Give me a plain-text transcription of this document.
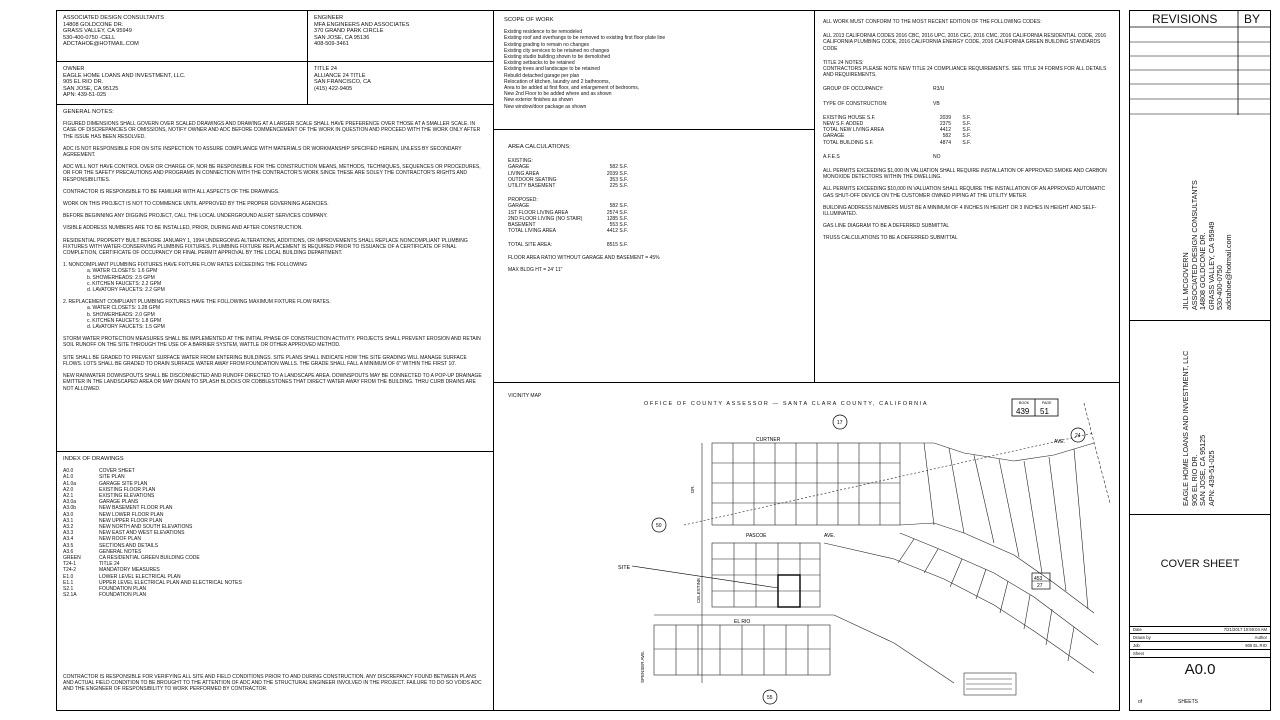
ASSOCIATED DESIGN CONSULTANTS
14808 GOLDCONE DR.
GRASS VALLEY, CA 95949
530-400-0750 -CELL
ADCTAHOE@HOTMAIL.COM
ENGINEER
MFA ENGINEERS AND ASSOCIATES
370 GRAND PARK CIRCLE
SAN JOSE, CA 95136
408-509-3461
OWNER
EAGLE HOME LOANS AND INVESTMENT, LLC.
905 EL RIO DR.
SAN JOSE, CA 95125
APN: 439-51-025
TITLE 24
ALLIANCE 24 TITLE
SAN FRANCISCO, CA
(415) 422-9405
GENERAL NOTES:
FIGURED DIMENSIONS SHALL GOVERN OVER SCALED DRAWINGS AND DRAWING AT A LARGER SCALE SHALL HAVE PREFERENCE OVER THOSE AT A SMALLER SCALE. IN CASE OF DISCREPANCIES OR OMISSIONS, NOTIFY OWNER AND ADC BEFORE COMMENCEMENT OF THE WORK IN QUESTION AND PROCEED WITH THE WORK ONLY AFTER THE ISSUE HAS BEEN RESOLVED.
ADC IS NOT RESPONSIBLE FOR ON SITE INSPECTION TO ASSURE COMPLIANCE WITH MATERIALS OR WORKMANSHIP SPECIFIED HEREIN, UNLESS BY SECONDARY AGREEMENT.
ADC WILL NOT HAVE CONTROL OVER OR CHARGE OF, NOR BE RESPONSIBLE FOR THE CONSTRUCTION MEANS, METHODS, TECHNIQUES, SEQUENCES OR PROCEDURES, OR FOR THE SAFETY PRECAUTIONS AND PROGRAMS IN CONNECTION WITH THE CONTRACTOR'S WORK SINCE THESE ARE SOLEY THE CONTRACTOR'S RIGHTS AND RESPONSIBILITIES.
CONTRACTOR IS RESPONSIBLE TO BE FAMILIAR WITH ALL ASPECTS OF THE DRAWINGS.
WORK ON THIS PROJECT IS NOT TO COMMENCE UNTIL APPROVED BY THE PROPER GOVERNING AGENCIES.
BEFORE BEGINNING ANY DIGGING PROJECT, CALL THE LOCAL UNDERGROUND ALERT SERVICES COMPANY.
VISIBLE ADDRESS NUMBERS ARE TO BE INSTALLED, PRIOR, DURING AND AFTER CONSTRUCTION.
RESIDENTIAL PROPERTY BUILT BEFORE JANUARY 1, 1994 UNDERGOING ALTERATIONS, ADDITIONS, OR IMPROVEMENTS SHALL REPLACE NONCOMPLIANT PLUMBING FIXTURES WITH WATER-CONSERVING PLUMBING FIXTURES. PLUMBING FIXTURE REPLACEMENT IS REQUIRED PRIOR TO ISSUANCE OF A CERTIFICATE OF FINAL COMPLETION, CERTIFICATE OF OCCUPANCY OR FINAL PERMIT APPROVAL BY THE LOCAL BUILDING DEPARTMENT.
1. NONCOMPLIANT PLUMBING FIXTURES HAVE FIXTURE FLOW RATES EXCEEDING THE FOLLOWING
a. WATER CLOSETS: 1.6 GPM
b. SHOWERHEADS: 2.5 GPM
c. KITCHEN FAUCETS: 2.2 GPM
d. LAVATORY FAUCETS: 2.2 GPM
2. REPLACEMENT COMPLIANT PLUMBING FIXTURES HAVE THE FOLLOWING MAXIMUM FIXTURE FLOW RATES.
a. WATER CLOSETS: 1.28 GPM
b. SHOWERHEADS: 2.0 GPM
c. KITCHEN FAUCETS: 1.8 GPM
d. LAVATORY FAUCETS: 1.5 GPM
STORM WATER PROTECTION MEASURES SHALL BE IMPLEMENTED AT THE INITIAL PHASE OF CONSTRUCTION ACTIVITY. PROJECTS SHALL PREVENT EROSION AND RETAIN SOIL RUNOFF ON THE SITE THROUGH THE USE OF A BARRIER SYSTEM, WATTLE OR OTHER APPROVED METHOD.
SITE SHALL BE GRADED TO PREVENT SURFACE WATER FROM ENTERING BUILDINGS. SITE PLANS SHALL INDICATE HOW THE SITE GRADING WILL MANAGE SURFACE FLOWS. LOTS SHALL BE GRADED TO DRAIN SURFACE WATER AWAY FROM FOUNDATION WALLS. THE GRADE SHALL FALL A MINIMUM OF 6" WITHIN THE FIRST 10'.
NEW RAINWATER DOWNSPOUTS SHALL BE DISCONNECTED AND RUNOFF DIRECTED TO A LANDSCAPE AREA. DOWNSPOUTS MAY BE CONNECTED TO A POP-UP DRAINAGE EMITTER IN THE LANDSCAPED AREA OR MAY DRAIN TO SPLASH BLOCKS OR COBBLESTONES THAT DIRECT WATER AWAY FROM THE BUILDING. THRU CURB DRAINS ARE NOT ALLOWED.
INDEX OF DRAWINGS
A0.0	COVER SHEET
A1.0	SITE PLAN
A1.0a	GARAGE SITE PLAN
A2.0	EXISTING FLOOR PLAN
A2.1	EXISTING ELEVATIONS
A3.0a	GARAGE PLANS
A3.0b	NEW BASEMENT FLOOR PLAN
A3.0	NEW LOWER FLOOR PLAN
A3.1	NEW UPPER FLOOR PLAN
A3.2	NEW NORTH AND SOUTH ELEVATIONS
A3.3	NEW EAST AND WEST ELEVATIONS
A3.4	NEW ROOF PLAN
A3.5	SECTIONS AND DETAILS
A3.6	GENERAL NOTES
GREEN	CA RESIDENTIAL GREEN BUILDING CODE
T24-1	TITLE 24
T24-2	MANDATORY MEASURES
E1.0	LOWER LEVEL ELECTRICAL PLAN
E1.1	UPPER LEVEL ELECTRICAL PLAN AND ELECTRICAL NOTES
S2.1	FOUNDATION PLAN
S2.1A	FOUNDATION PLAN
CONTRACTOR IS RESPONSIBLE FOR VERIFYING ALL SITE AND FIELD CONDITIONS PRIOR TO AND DURING CONSTRUCTION. ANY DISCREPANCY FOUND BETWEEN PLANS AND ACTUAL FIELD CONDITION TO BE BROUGHT TO THE ATTENTION OF ADC AND THE STRUCTURAL ENGINEER INVOLVED IN THE PROJECT. FAILURE TO DO SO VOIDS ADC AND THE ENGINEER OF RESPONSIBILITY TO WORK PERFORMED BY CONTRACTOR.
SCOPE OF WORK
Existing residence to be remodeled
Existing roof and overhangs to be removed to existing first floor plate line
Existing grading to remain no changes
Existing city services to be retained no changes
Existing studio building shown to be demolished
Existing setbacks to be retained
Existing trees and landscape to be retained
Rebuild detached garage per plan
Relocation of kitchen, laundry and 2 bathrooms,
Area to be added at first floor, and enlargement of bedrooms,
New 2nd Floor to be added where and as shown
New exterior finishes as shown
New window/door package as shown
AREA CALCULATIONS:
EXISTING:
GARAGE	582 S.F.
LIVING AREA	2039 S.F.
OUTDOOR SEATING	353 S.F.
UTILITY BASEMENT	225 S.F.
PROPOSED:
GARAGE	582 S.F.
1ST FLOOR LIVING AREA	2574 S.F.
2ND FLOOR LIVING (NO STAIR)	1285 S.F.
BASEMENT	553 S.F.
TOTAL LIVING AREA	4412 S.F.
TOTAL SITE AREA:	8515 S.F.
FLOOR AREA RATIO WITHOUT GARAGE AND BASEMENT = 45%
MAX BLDG HT = 24' 11"
ALL WORK MUST CONFORM TO THE MOST RECENT EDITION OF THE FOLLOWING CODES:
ALL 2013 CALIFORNIA CODES 2016 CBC, 2016 UPC, 2016 CEC, 2016 CMC, 2016 CALIFORNIA RESIDENTIAL CODE, 2016 CALIFORNIA PLUMBING CODE, 2016 CALIFORNIA ENERGY CODE, 2016 CALIFORNIA GREEN BUILDING STANDARDS CODE
TITLE 24 NOTES:
CONTRACTORS PLEASE NOTE NEW TITLE 24 COMPLIANCE REQUIREMENTS. SEE TITLE 24 FORMS FOR ALL DETAILS AND REQUIREMENTS.
GROUP OF OCCUPANCY:	R3/U
TYPE OF CONSTRUCTION:	VB
EXISTING HOUSE S.F.	2039	S.F.
NEW S.F. ADDED	2375	S.F.
TOTAL NEW LIVING AREA	4412	S.F.
GARAGE	582	S.F.
TOTAL BUILDING S.F.	4874	S.F.
A.F.E.S	NO
ALL PERMITS EXCEEDING $1,000 IN VALUATION SHALL REQUIRE INSTALLATION OF APPROVED SMOKE AND CARBON MONOXIDE DETECTORS WITHIN THE DWELLING.
ALL PERMITS EXCEEDING $10,000 IN VALUATION SHALL REQUIRE THE INSTALLATION OF AN APPROVED AUTOMATIC GAS SHUT-OFF DEVICE ON THE CUSTOMER OWNED PIPING AT THE UTILITY METER.
BUILDING ADDRESS NUMBERS MUST BE A MINIMUM OF 4 INCHES IN HEIGHT OR 3 INCHES IN HEIGHT AND SELF-ILLUMINATED.
GAS LINE DIAGRAM TO BE A DEFERRED SUBMITTAL
TRUSS CALCULATIONS TO BE A DEFERRED SUBMITTAL
VICINITY MAP
OFFICE OF COUNTY ASSESSOR — SANTA CLARA COUNTY, CALIFORNIA	BOOK	PAGE
439 51
SITE
CURTNER
PASCOE	AVE.
EL RIO
CELESTINE
SPENSER AVE.
AVE.
DR.
17
50
55
24
453
27
REVISIONS BY
JILL MCGOVERN ASSOCIATED DESIGN CONSULTANTS 14808 GOLDCONE DR. GRASS VALLEY, CA 95949 530-400-0750 adctahoe@hotmail.com
EAGLE HOME LOANS AND INVESTMENT, LLC 905 EL RIO DR. SAN JOSE, CA 95125 APN: 439-51-025
COVER SHEET
Date	7/21/2017 10:59:04 AM
Drawn by	Author
Job	905 EL RIO
Sheet
A0.0
of	SHEETS
